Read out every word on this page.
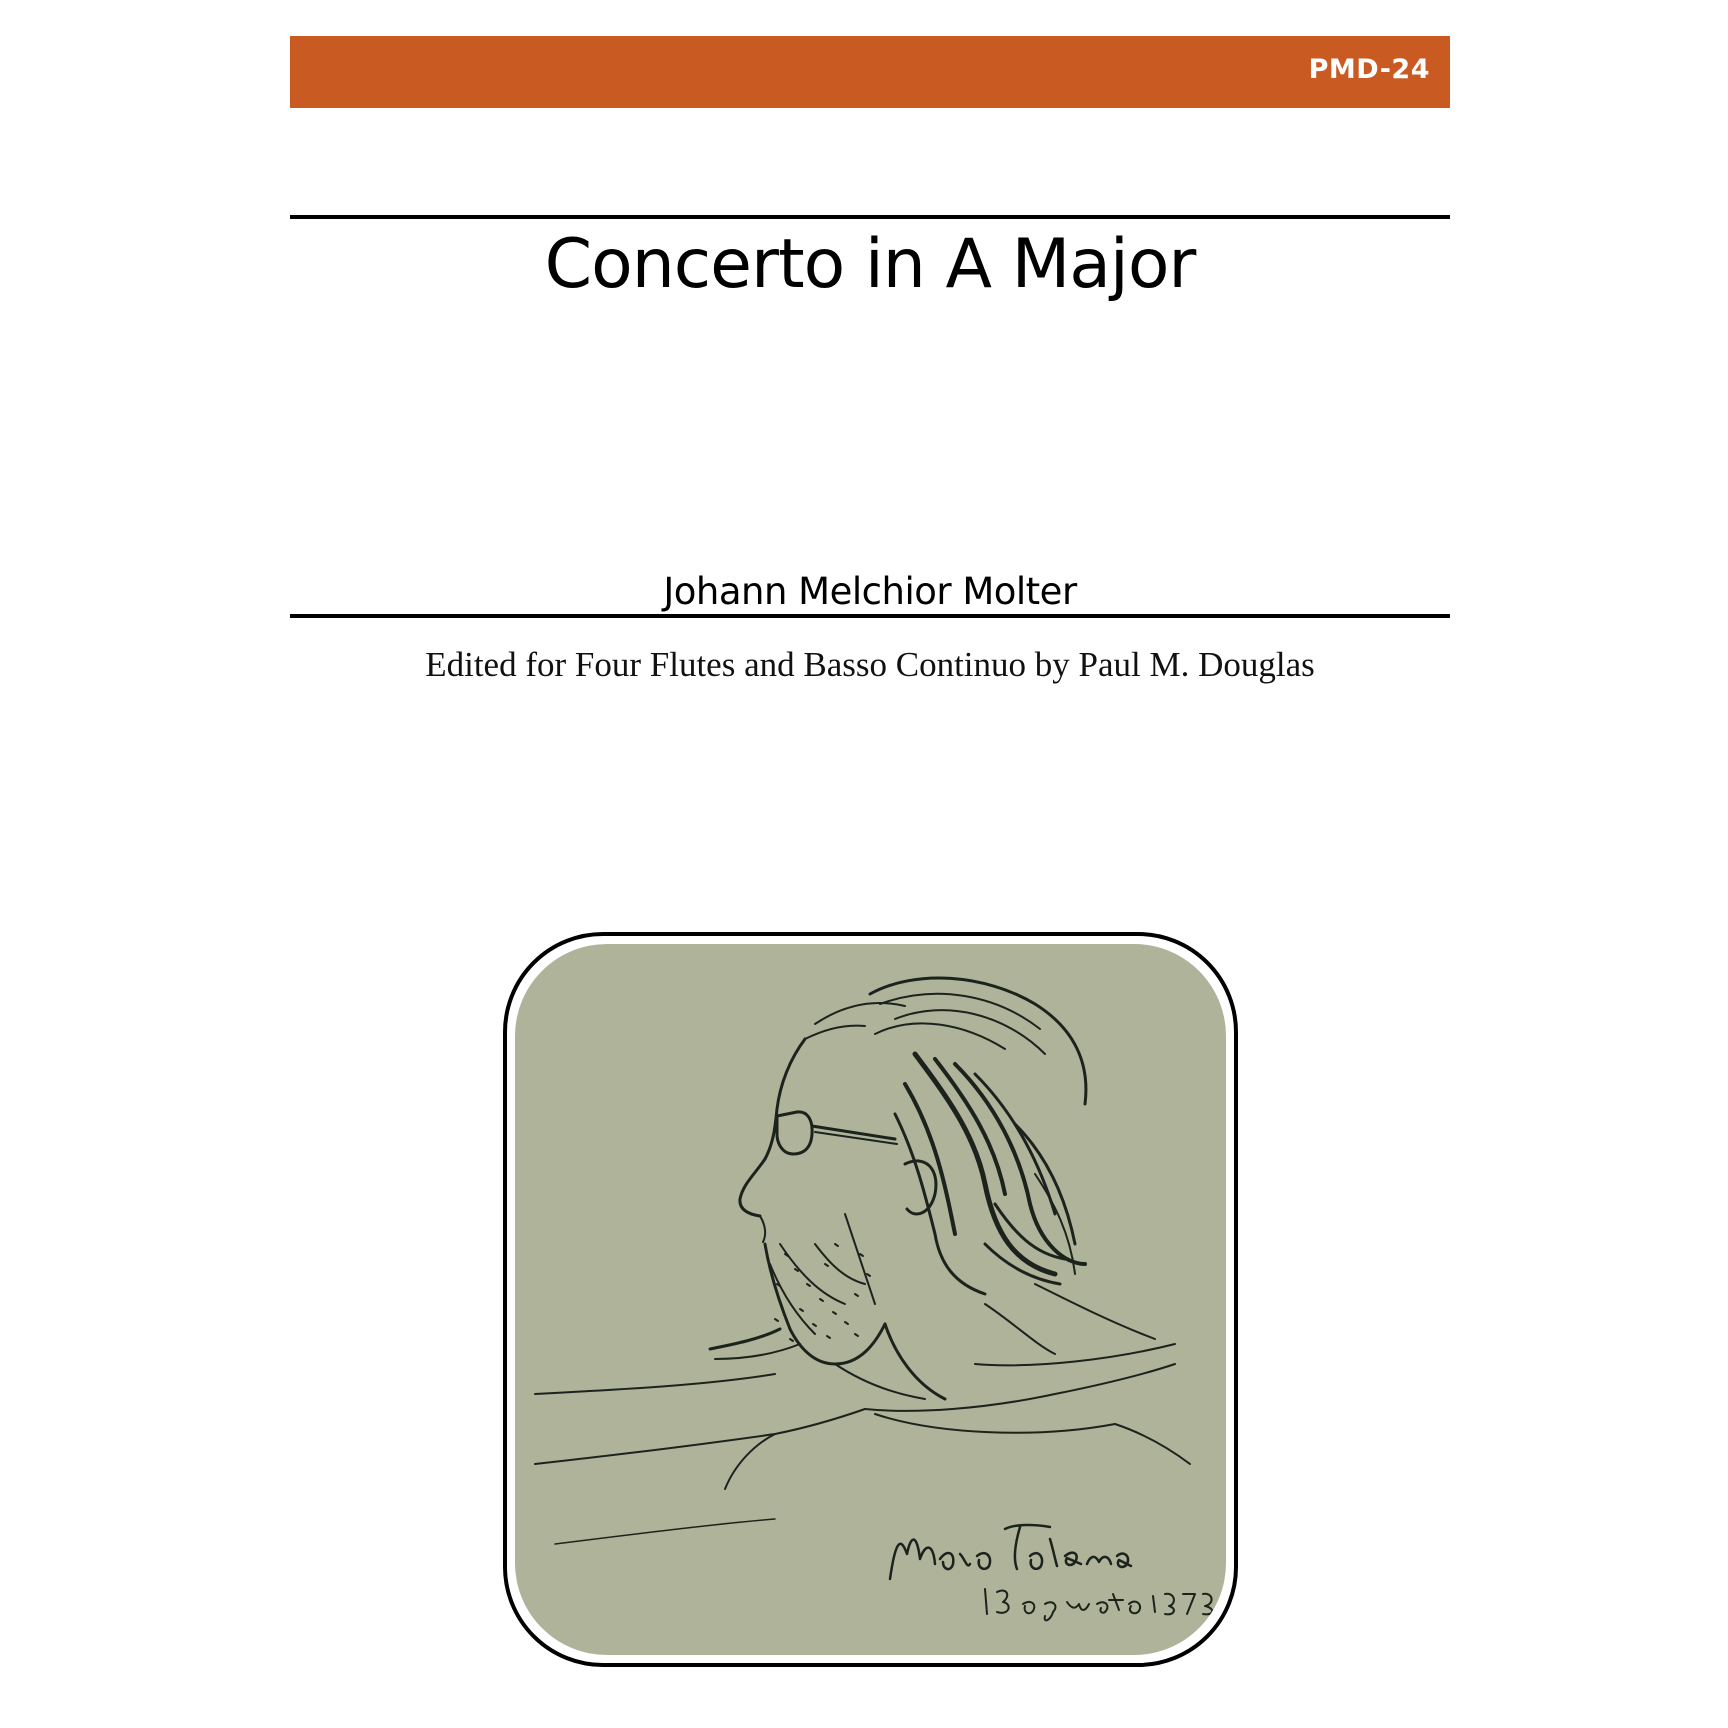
PMD-24
Concerto in A Major
Johann Melchior Molter
Edited for Four Flutes and Basso Continuo by Paul M. Douglas
